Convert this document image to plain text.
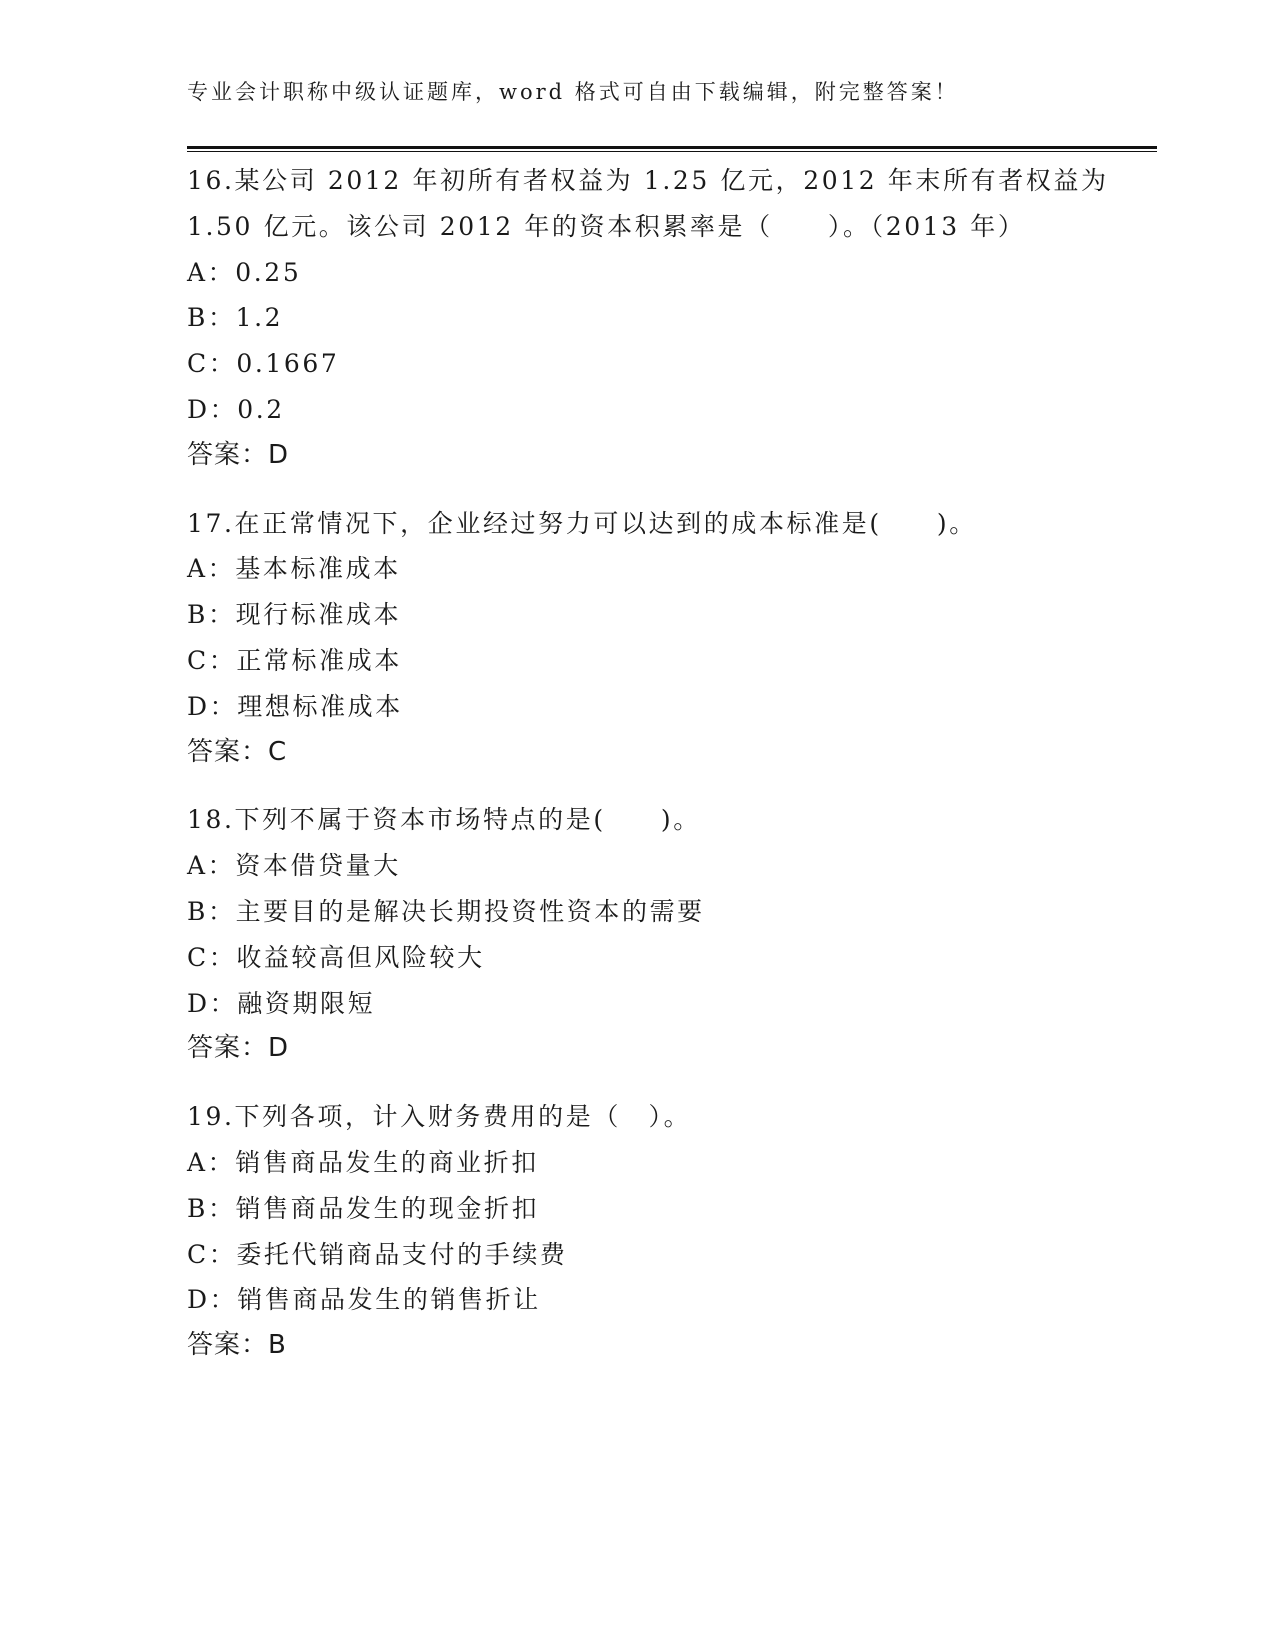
专业会计职称中级认证题库，word 格式可自由下载编辑，附完整答案！
16.某公司 2012 年初所有者权益为 1.25 亿元，2012 年末所有者权益为
1.50 亿元。该公司 2012 年的资本积累率是（　　）。（2013 年）
A：0.25
B：1.2
C：0.1667
D：0.2
答案：D
17.在正常情况下，企业经过努力可以达到的成本标准是(　　)。
A：基本标准成本
B：现行标准成本
C：正常标准成本
D：理想标准成本
答案：C
18.下列不属于资本市场特点的是(　　)。
A：资本借贷量大
B：主要目的是解决长期投资性资本的需要
C：收益较高但风险较大
D：融资期限短
答案：D
19.下列各项，计入财务费用的是（　）。
A：销售商品发生的商业折扣
B：销售商品发生的现金折扣
C：委托代销商品支付的手续费
D：销售商品发生的销售折让
答案：B
